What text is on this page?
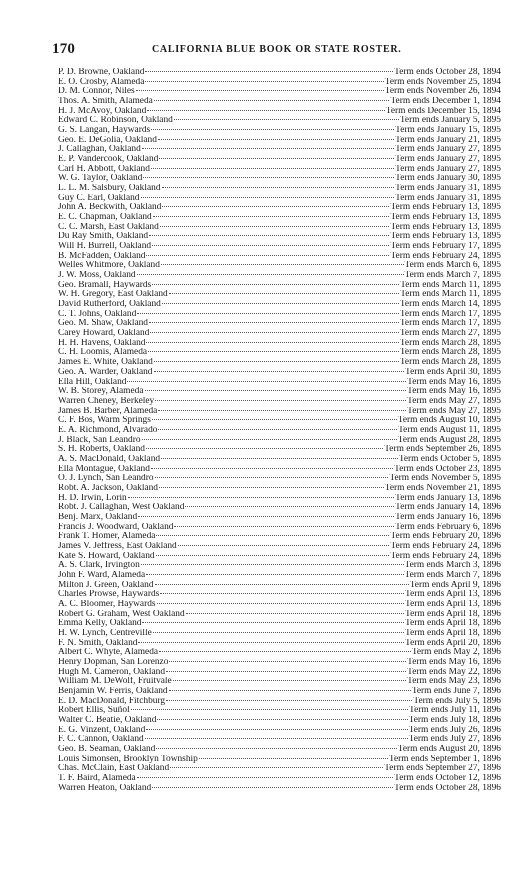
170	CALIFORNIA BLUE BOOK OR STATE ROSTER.
P. D. Browne, Oakland	Term ends October 28, 1894
E. O. Crosby, Alameda	Term ends November 25, 1894
D. M. Connor, Niles	Term ends November 26, 1894
Thos. A. Smith, Alameda	Term ends December 1, 1894
H. J. McAvoy, Oakland	Term ends December 15, 1894
Edward C. Robinson, Oakland	Term ends January 5, 1895
G. S. Langan, Haywards	Term ends January 15, 1895
Geo. E. DeGolia, Oakland	Term ends January 21, 1895
J. Callaghan, Oakland	Term ends January 27, 1895
E. P. Vandercook, Oakland	Term ends January 27, 1895
Carl H. Abbott, Oakland	Term ends January 27, 1895
W. G. Taylor, Oakland	Term ends January 30, 1895
L. L. M. Salsbury, Oakland	Term ends January 31, 1895
Guy C. Earl, Oakland	Term ends January 31, 1895
John A. Beckwith, Oakland	Term ends February 13, 1895
E. C. Chapman, Oakland	Term ends February 13, 1895
C. C. Marsh, East Oakland	Term ends February 13, 1895
Du Ray Smith, Oakland	Term ends February 13, 1895
Will H. Burrell, Oakland	Term ends February 17, 1895
B. McFadden, Oakland	Term ends February 24, 1895
Welles Whitmore, Oakland	Term ends March 6, 1895
J. W. Moss, Oakland	Term ends March 7, 1895
Geo. Bramall, Haywards	Term ends March 11, 1895
W. H. Gregory, East Oakland	Term ends March 11, 1895
David Rutherford, Oakland	Term ends March 14, 1895
C. T. Johns, Oakland	Term ends March 17, 1895
Geo. M. Shaw, Oakland	Term ends March 17, 1895
Carey Howard, Oakland	Term ends March 27, 1895
H. H. Havens, Oakland	Term ends March 28, 1895
C. H. Loomis, Alameda	Term ends March 28, 1895
James E. White, Oakland	Term ends March 28, 1895
Geo. A. Warder, Oakland	Term ends April 30, 1895
Ella Hill, Oakland	Term ends May 16, 1895
W. B. Storey, Alameda	Term ends May 16, 1895
Warren Cheney, Berkeley	Term ends May 27, 1895
James B. Barber, Alameda	Term ends May 27, 1895
C. F. Bos, Warm Springs	Term ends August 10, 1895
E. A. Richmond, Alvarado	Term ends August 11, 1895
J. Black, San Leandro	Term ends August 28, 1895
S. H. Roberts, Oakland	Term ends September 26, 1895
A. S. MacDonald, Oakland	Term ends October 5, 1895
Ella Montague, Oakland	Term ends October 23, 1895
O. J. Lynch, San Leandro	Term ends November 5, 1895
Robt. A. Jackson, Oakland	Term ends November 21, 1895
H. D. Irwin, Lorin	Term ends January 13, 1896
Robt. J. Callaghan, West Oakland	Term ends January 14, 1896
Benj. Marx, Oakland	Term ends January 16, 1896
Francis J. Woodward, Oakland	Term ends February 6, 1896
Frank T. Homer, Alameda	Term ends February 20, 1896
James V. Jeffress, East Oakland	Term ends February 24, 1896
Kate S. Howard, Oakland	Term ends February 24, 1896
A. S. Clark, Irvington	Term ends March 3, 1896
John F. Ward, Alameda	Term ends March 7, 1896
Milton J. Green, Oakland	Term ends April 9, 1896
Charles Prowse, Haywards	Term ends April 13, 1896
A. C. Bloomer, Haywards	Term ends April 13, 1896
Robert G. Graham, West Oakland	Term ends April 18, 1896
Emma Kelly, Oakland	Term ends April 18, 1896
H. W. Lynch, Centreville	Term ends April 18, 1896
F. N. Smith, Oakland	Term ends April 20, 1896
Albert C. Whyte, Alameda	Term ends May 2, 1896
Henry Dopman, San Lorenzo	Term ends May 16, 1896
Hugh M. Cameron, Oakland	Term ends May 22, 1896
William M. DeWolf, Fruitvale	Term ends May 23, 1896
Benjamin W. Ferris, Oakland	Term ends June 7, 1896
E. D. MacDonald, Fitchburg	Term ends July 5, 1896
Robert Ellis, Suñol	Term ends July 11, 1896
Walter C. Beatie, Oakland	Term ends July 18, 1896
E. G. Vinzent, Oakland	Term ends July 26, 1896
F. C. Cannon, Oakland	Term ends July 27, 1896
Geo. B. Seaman, Oakland	Term ends August 20, 1896
Louis Simonsen, Brooklyn Township	Term ends September 1, 1896
Chas. McClain, East Oakland	Term ends September 27, 1896
T. F. Baird, Alameda	Term ends October 12, 1896
Warren Heaton, Oakland	Term ends October 28, 1896
